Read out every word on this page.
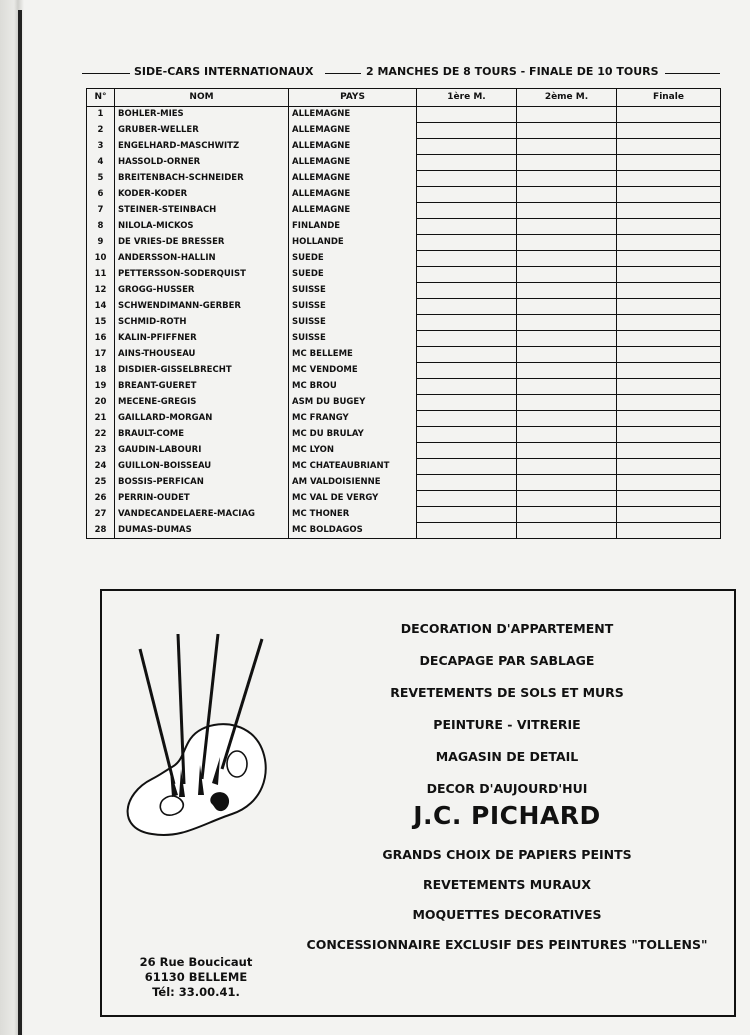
SIDE-CARS INTERNATIONAUX	2 MANCHES DE 8 TOURS - FINALE DE 10 TOURS
N°	NOM	PAYS	1ère M.	2ème M.	Finale
1	BOHLER-MIES	ALLEMAGNE			
2	GRUBER-WELLER	ALLEMAGNE			
3	ENGELHARD-MASCHWITZ	ALLEMAGNE			
4	HASSOLD-ORNER	ALLEMAGNE			
5	BREITENBACH-SCHNEIDER	ALLEMAGNE			
6	KODER-KODER	ALLEMAGNE			
7	STEINER-STEINBACH	ALLEMAGNE			
8	NILOLA-MICKOS	FINLANDE			
9	DE VRIES-DE BRESSER	HOLLANDE			
10	ANDERSSON-HALLIN	SUEDE			
11	PETTERSSON-SODERQUIST	SUEDE			
12	GROGG-HUSSER	SUISSE			
14	SCHWENDIMANN-GERBER	SUISSE			
15	SCHMID-ROTH	SUISSE			
16	KALIN-PFIFFNER	SUISSE			
17	AINS-THOUSEAU	MC BELLEME			
18	DISDIER-GISSELBRECHT	MC VENDOME			
19	BREANT-GUERET	MC BROU			
20	MECENE-GREGIS	ASM DU BUGEY			
21	GAILLARD-MORGAN	MC FRANGY			
22	BRAULT-COME	MC DU BRULAY			
23	GAUDIN-LABOURI	MC LYON			
24	GUILLON-BOISSEAU	MC CHATEAUBRIANT			
25	BOSSIS-PERFICAN	AM VALDOISIENNE			
26	PERRIN-OUDET	MC VAL DE VERGY			
27	VANDECANDELAERE-MACIAG	MC THONER			
28	DUMAS-DUMAS	MC BOLDAGOS			
DECORATION D'APPARTEMENT
DECAPAGE PAR SABLAGE
REVETEMENTS DE SOLS ET MURS
PEINTURE - VITRERIE
MAGASIN DE DETAIL
DECOR D'AUJOURD'HUI
J.C. PICHARD
GRANDS CHOIX DE PAPIERS PEINTS
REVETEMENTS MURAUX
MOQUETTES DECORATIVES
CONCESSIONNAIRE EXCLUSIF DES PEINTURES "TOLLENS"
26 Rue Boucicaut
61130 BELLEME
Tél: 33.00.41.
